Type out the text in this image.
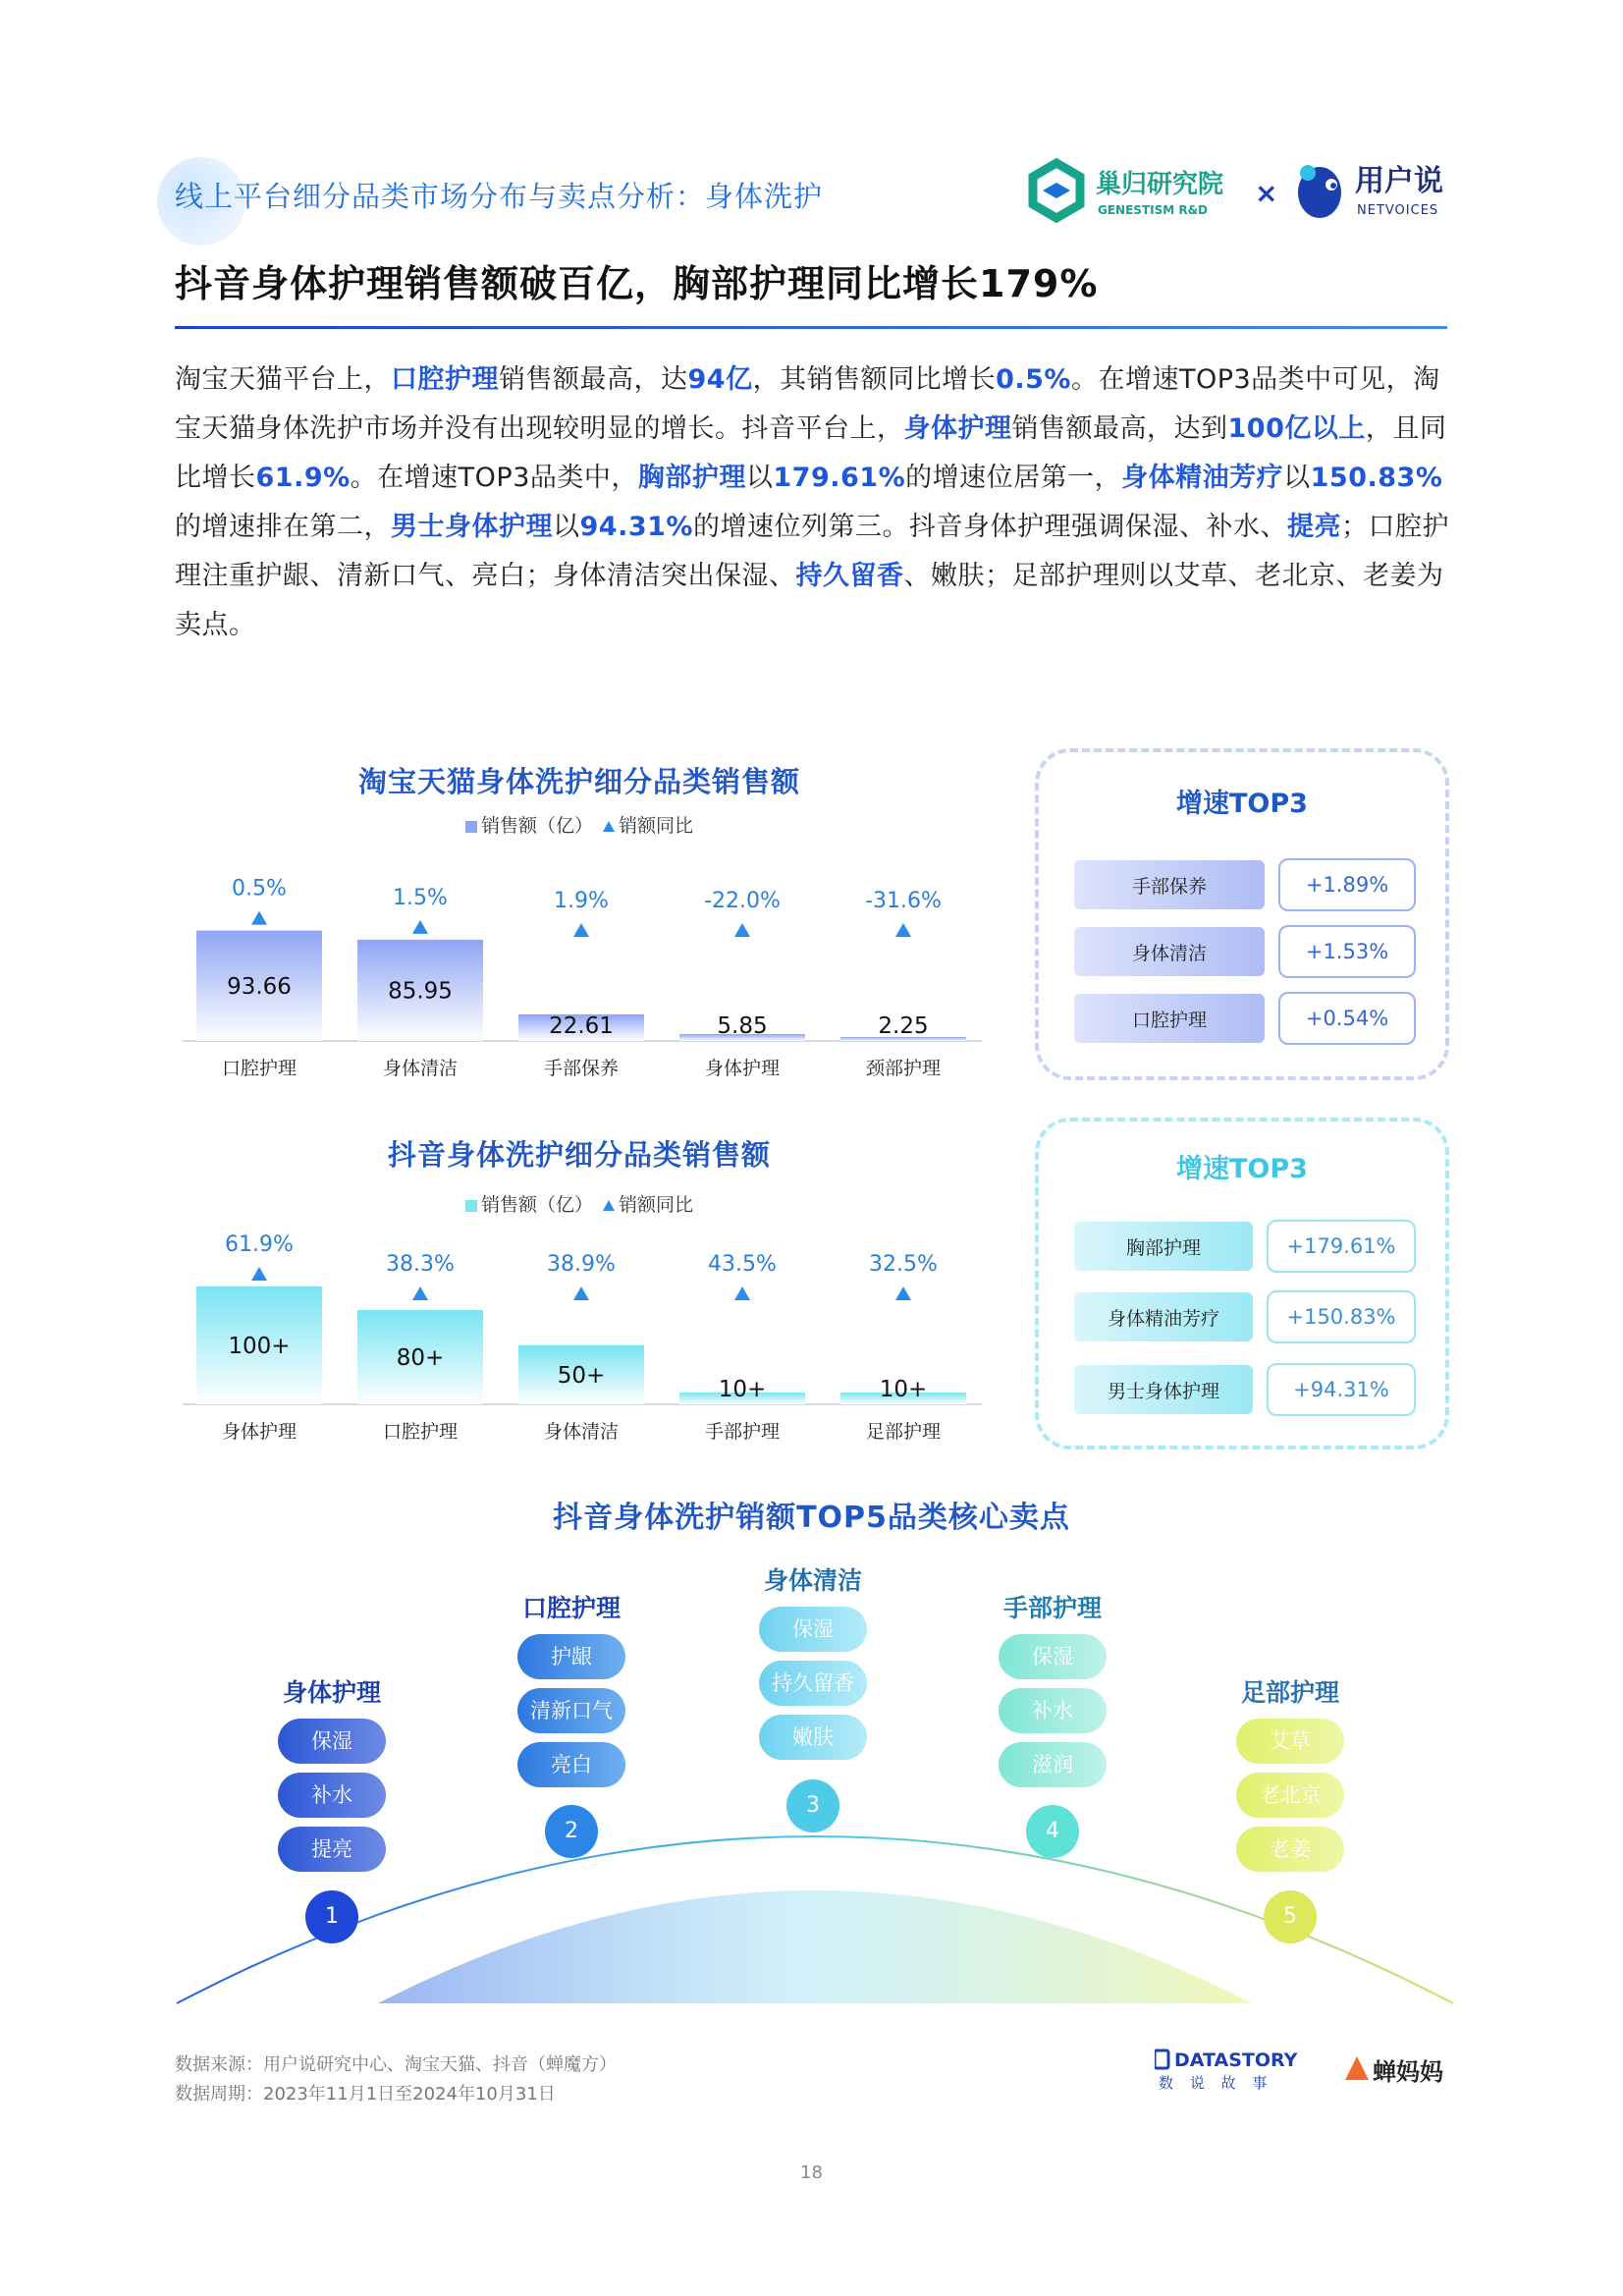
线上平台细分品类市场分布与卖点分析：身体洗护	巢归研究院
GENESTISM R&D
×	用户说
NETVOICES
抖音身体护理销售额破百亿，胸部护理同比增长179%
淘宝天猫平台上，口腔护理销售额最高，达94亿，其销售额同比增长0.5%。在增速TOP3品类中可见，淘宝天猫身体洗护市场并没有出现较明显的增长。抖音平台上，身体护理销售额最高，达到100亿以上，且同比增长61.9%。在增速TOP3品类中，胸部护理以179.61%的增速位居第一，身体精油芳疗以150.83%的增速排在第二，男士身体护理以94.31%的增速位列第三。抖音身体护理强调保湿、补水、提亮；口腔护理注重护龈、清新口气、亮白；身体清洁突出保湿、持久留香、嫩肤；足部护理则以艾草、老北京、老姜为卖点。
淘宝天猫身体洗护细分品类销售额
销售额（亿） 销额同比
93.66
0.5%
口腔护理
85.95
1.5%
身体清洁
22.61
1.9%
手部保养
5.85
-22.0%
身体护理
2.25
-31.6%
颈部护理
抖音身体洗护细分品类销售额
销售额（亿） 销额同比
100+
61.9%
身体护理
80+
38.3%
口腔护理
50+
38.9%
身体清洁
10+
43.5%
手部护理
10+
32.5%
足部护理
增速TOP3
手部保养	+1.89%
身体清洁	+1.53%
口腔护理	+0.54%
增速TOP3
胸部护理	+179.61%
身体精油芳疗	+150.83%
男士身体护理	+94.31%
抖音身体洗护销额TOP5品类核心卖点
身体护理
保湿
补水
提亮
1
口腔护理
护龈
清新口气
亮白
2
身体清洁
保湿
持久留香
嫩肤
3
手部护理
保湿
补水
滋润
4
足部护理
艾草
老北京
老姜
5
数据来源：用户说研究中心、淘宝天猫、抖音（蝉魔方）
数据周期：2023年11月1日至2024年10月31日
DATASTORY
数 说 故 事	蝉妈妈
18
